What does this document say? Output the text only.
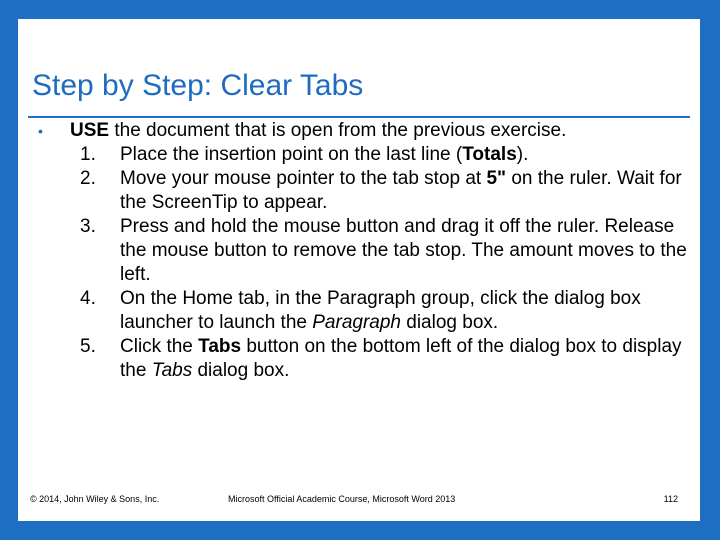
Step by Step: Clear Tabs
• USE the document that is open from the previous exercise.
1. Place the insertion point on the last line (Totals).
2. Move your mouse pointer to the tab stop at 5" on the ruler. Wait for the ScreenTip to appear.
3. Press and hold the mouse button and drag it off the ruler. Release the mouse button to remove the tab stop. The amount moves to the left.
4. On the Home tab, in the Paragraph group, click the dialog box launcher to launch the Paragraph dialog box.
5. Click the Tabs button on the bottom left of the dialog box to display the Tabs dialog box.
© 2014, John Wiley & Sons, Inc.	Microsoft Official Academic Course, Microsoft Word 2013	112
